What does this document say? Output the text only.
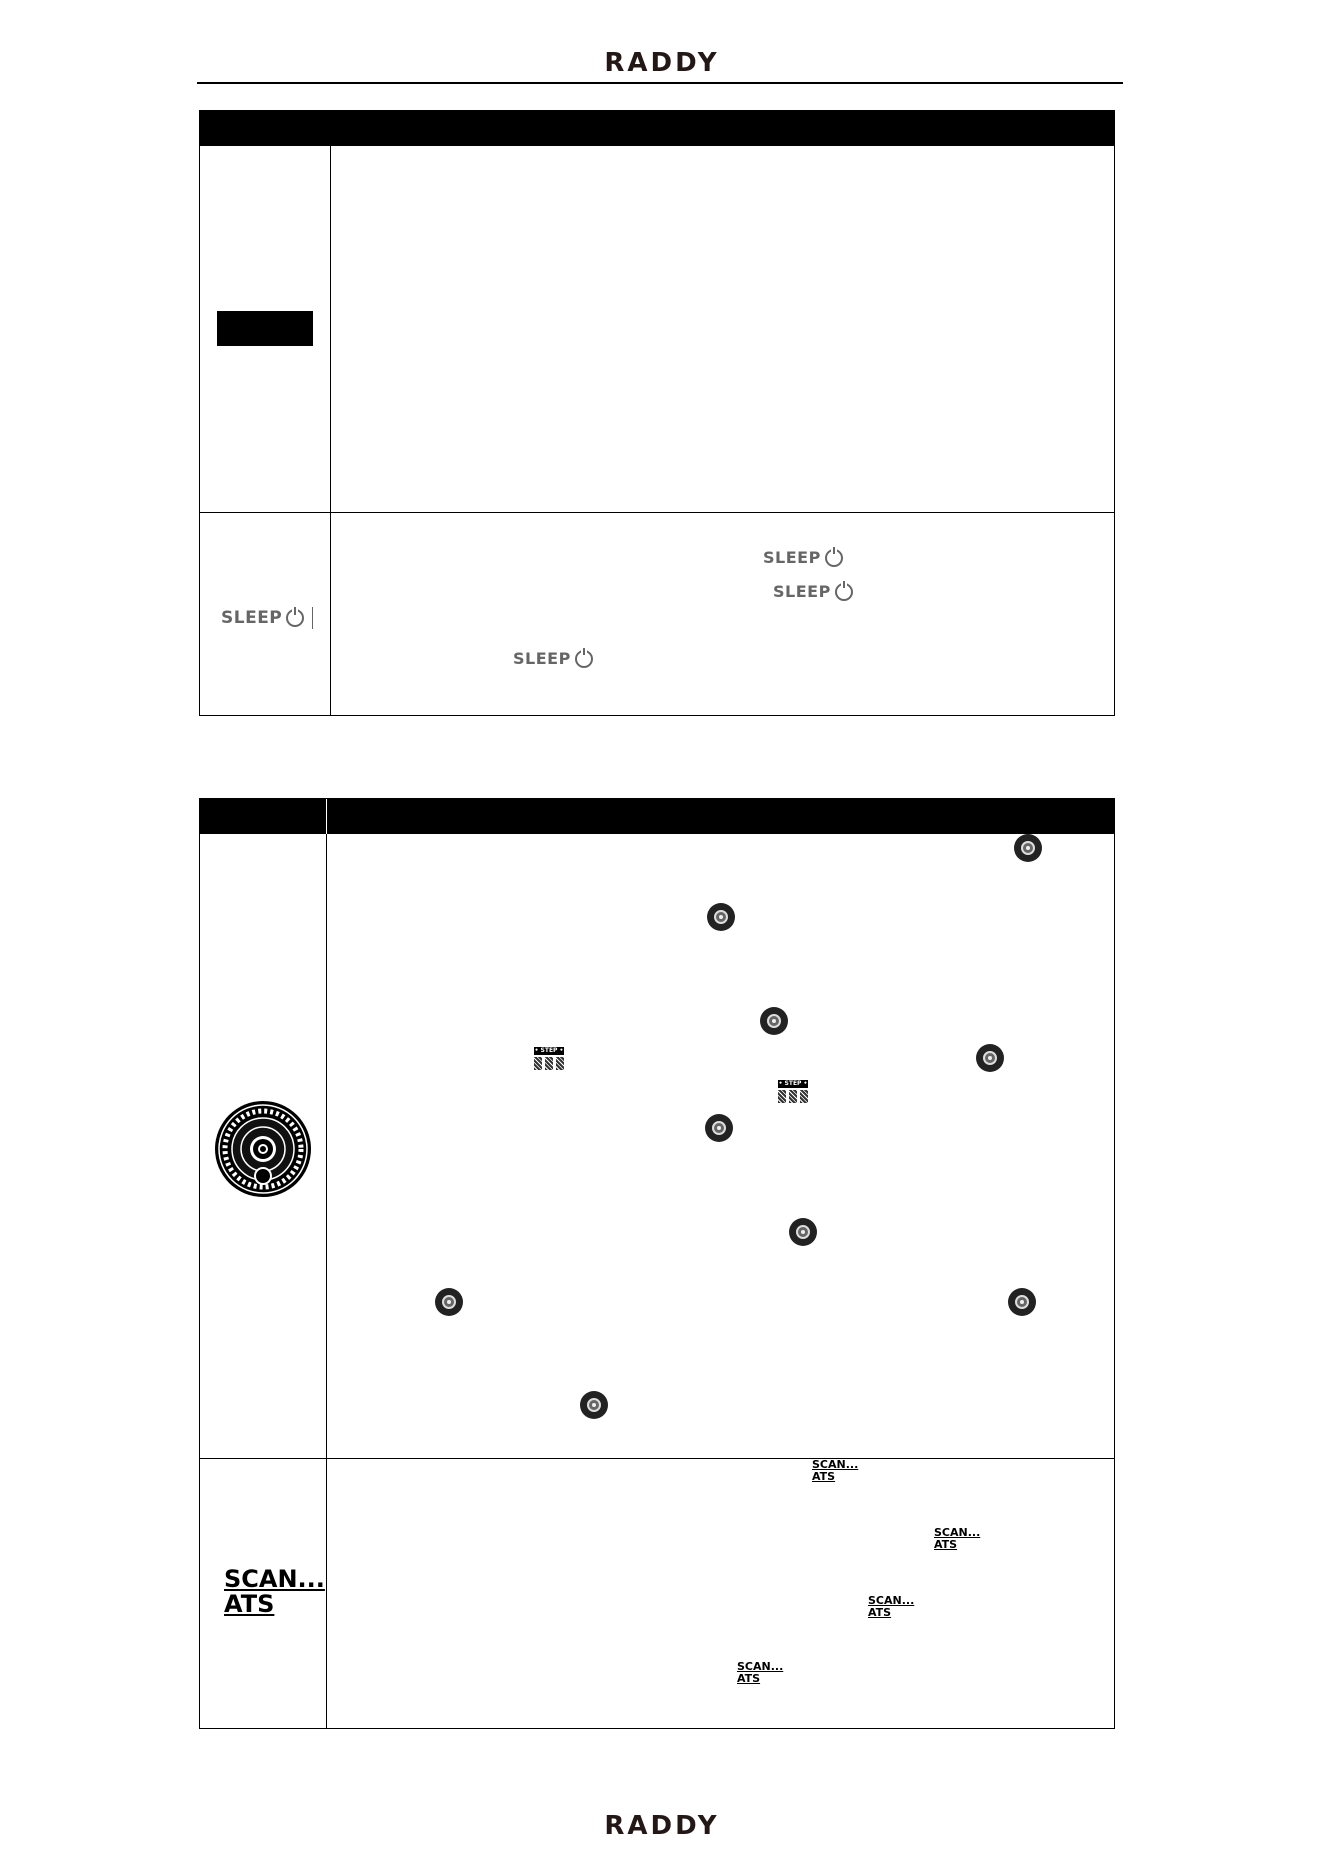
RADDY
SLEEP
SLEEP
SLEEP
SLEEP
SCAN...
ATS
• STEP •
• STEP •
SCAN...
ATS
SCAN...
ATS
SCAN...
ATS
SCAN...
ATS
RADDY
